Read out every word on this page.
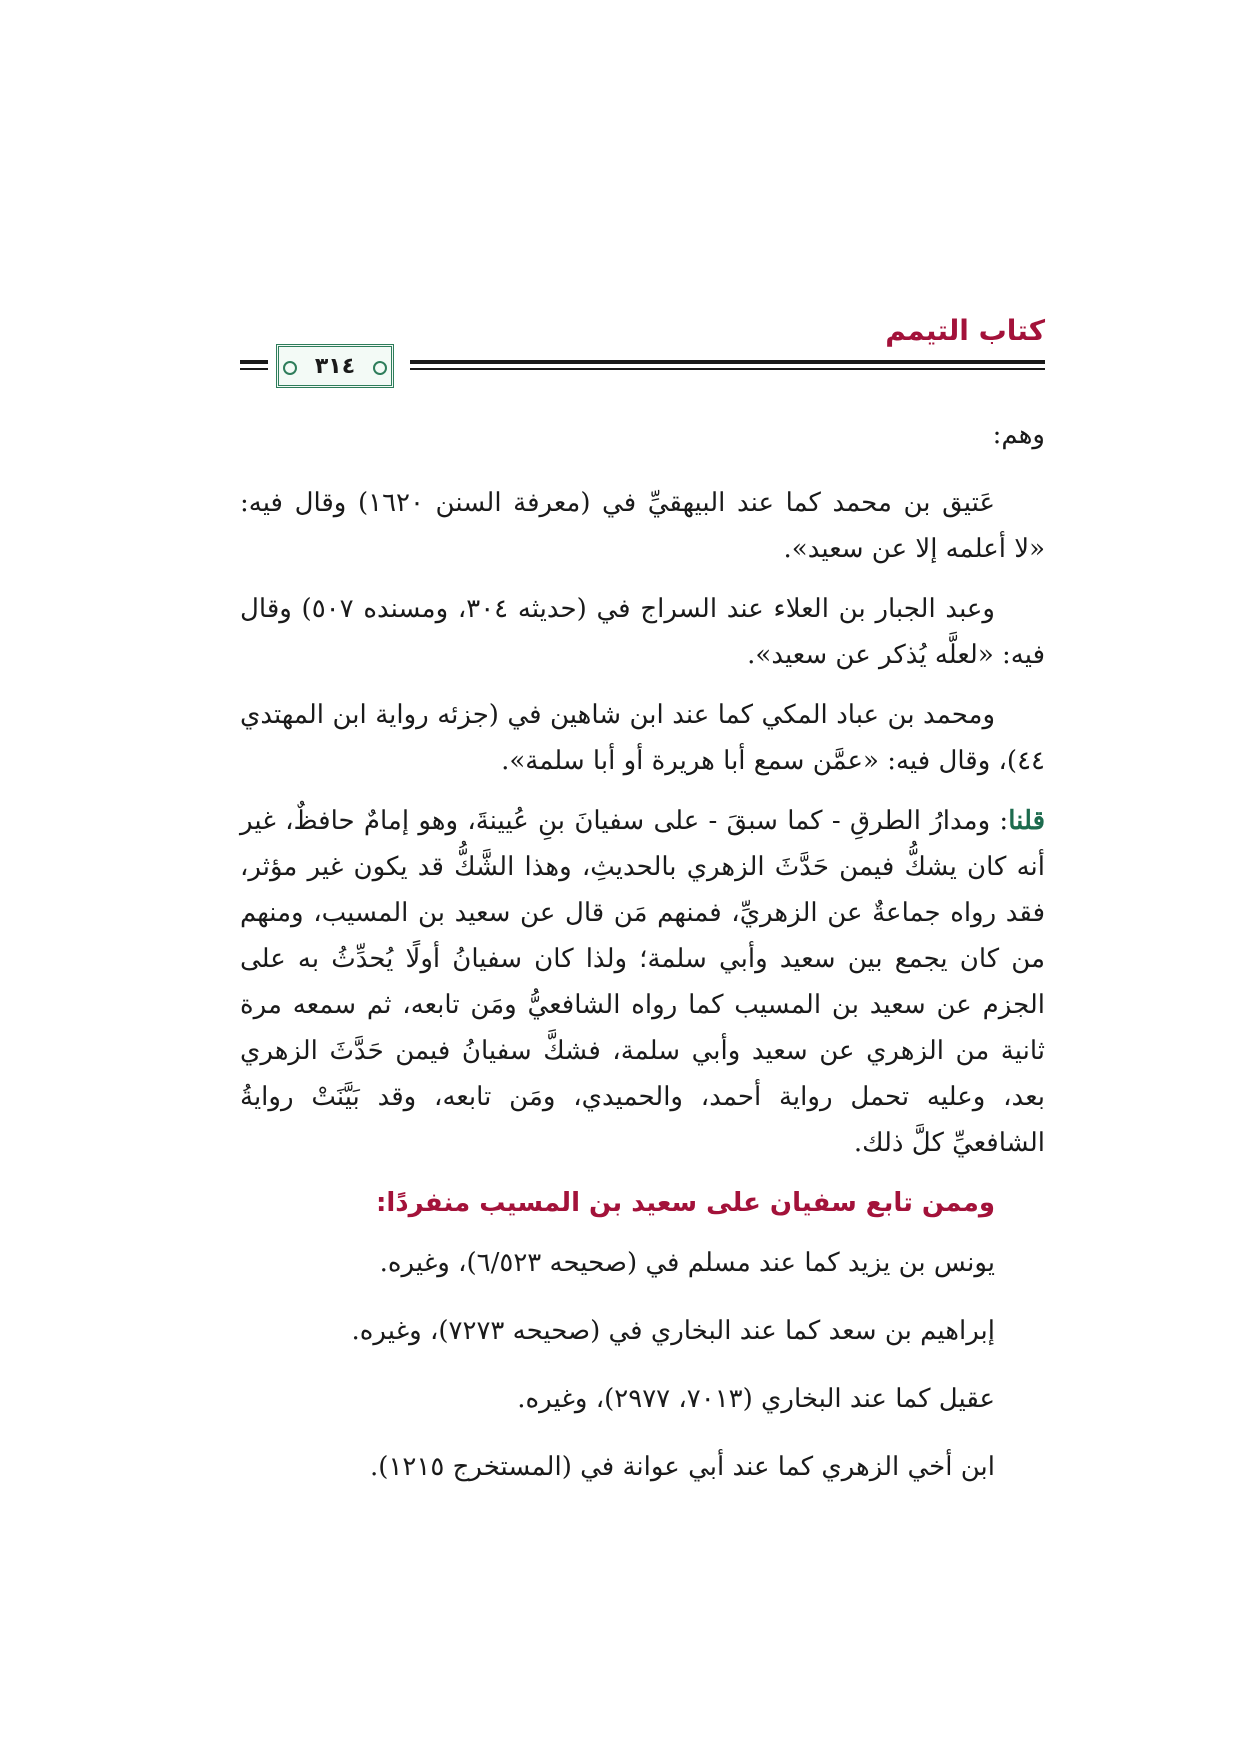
كتاب التيمم
٣١٤

وهم:

عَتيق بن محمد كما عند البيهقيِّ في (معرفة السنن ١٦٢٠) وقال فيه: «لا أعلمه إلا عن سعيد».

وعبد الجبار بن العلاء عند السراج في (حديثه ٣٠٤، ومسنده ٥٠٧) وقال فيه: «لعلَّه يُذكر عن سعيد».

ومحمد بن عباد المكي كما عند ابن شاهين في (جزئه رواية ابن المهتدي ٤٤)، وقال فيه: «عمَّن سمع أبا هريرة أو أبا سلمة».

قلنا: ومدارُ الطرقِ - كما سبقَ - على سفيانَ بنِ عُيينةَ، وهو إمامٌ حافظٌ، غير أنه كان يشكُّ فيمن حَدَّثَ الزهري بالحديثِ، وهذا الشَّكُّ قد يكون غير مؤثر، فقد رواه جماعةٌ عن الزهريِّ، فمنهم مَن قال عن سعيد بن المسيب، ومنهم من كان يجمع بين سعيد وأبي سلمة؛ ولذا كان سفيانُ أولًا يُحدِّثُ به على الجزم عن سعيد بن المسيب كما رواه الشافعيُّ ومَن تابعه، ثم سمعه مرة ثانية من الزهري عن سعيد وأبي سلمة، فشكَّ سفيانُ فيمن حَدَّثَ الزهري بعد، وعليه تحمل رواية أحمد، والحميدي، ومَن تابعه، وقد بَيَّنَتْ روايةُ الشافعيِّ كلَّ ذلك.

وممن تابع سفيان على سعيد بن المسيب منفردًا:

يونس بن يزيد كما عند مسلم في (صحيحه ٦/٥٢٣)، وغيره.

إبراهيم بن سعد كما عند البخاري في (صحيحه ٧٢٧٣)، وغيره.

عقيل كما عند البخاري (٧٠١٣، ٢٩٧٧)، وغيره.

ابن أخي الزهري كما عند أبي عوانة في (المستخرج ١٢١٥).
